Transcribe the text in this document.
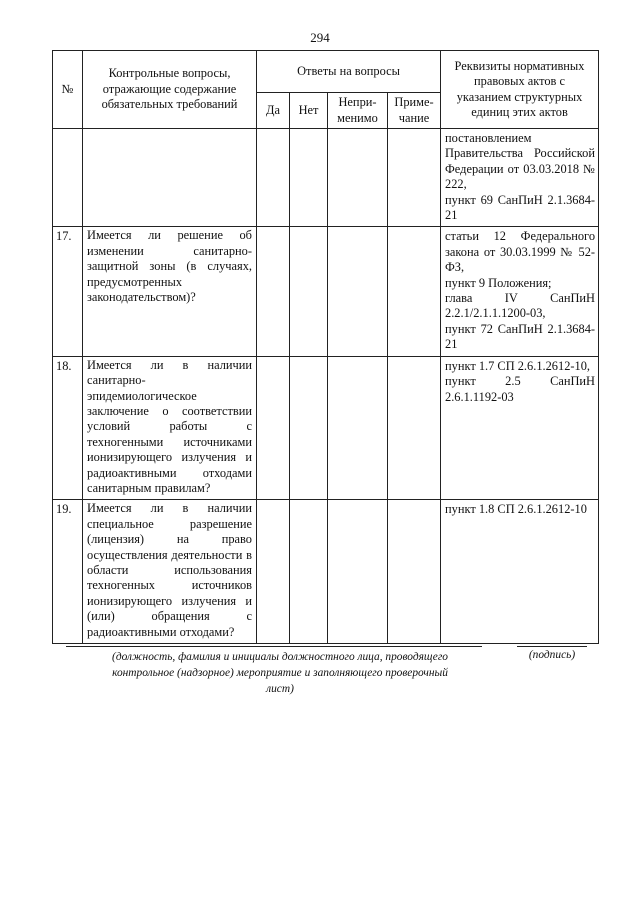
294
№	Контрольные вопросы, отражающие содержание обязательных требований	Ответы на вопросы				Реквизиты нормативных правовых актов с указанием структурных единиц этих актов
		Да	Нет	Непри-менимо	Приме-чание	
						постановлением Правительства Российской Федерации от 03.03.2018 № 222,
пункт 69 СанПиН 2.1.3684-21
17.	Имеется ли решение об изменении санитарно-защитной зоны (в случаях, предусмотренных законодательством)?					статьи 12 Федерального закона от 30.03.1999 № 52-ФЗ,
пункт 9 Положения;
глава IV СанПиН 2.2.1/2.1.1.1200-03,
пункт 72 СанПиН 2.1.3684-21
18.	Имеется ли в наличии санитарно-эпидемиологическое заключение о соответствии условий работы с техногенными источниками ионизирующего излучения и радиоактивными отходами санитарным правилам?					пункт 1.7 СП 2.6.1.2612-10,
пункт 2.5 СанПиН 2.6.1.1192-03
19.	Имеется ли в наличии специальное разрешение (лицензия) на право осуществления деятельности в области использования техногенных источников ионизирующего излучения и (или) обращения с радиоактивными отходами?					пункт 1.8 СП 2.6.1.2612-10
(должность, фамилия и инициалы должностного лица, проводящего контрольное (надзорное) мероприятие и заполняющего проверочный лист)
(подпись)
